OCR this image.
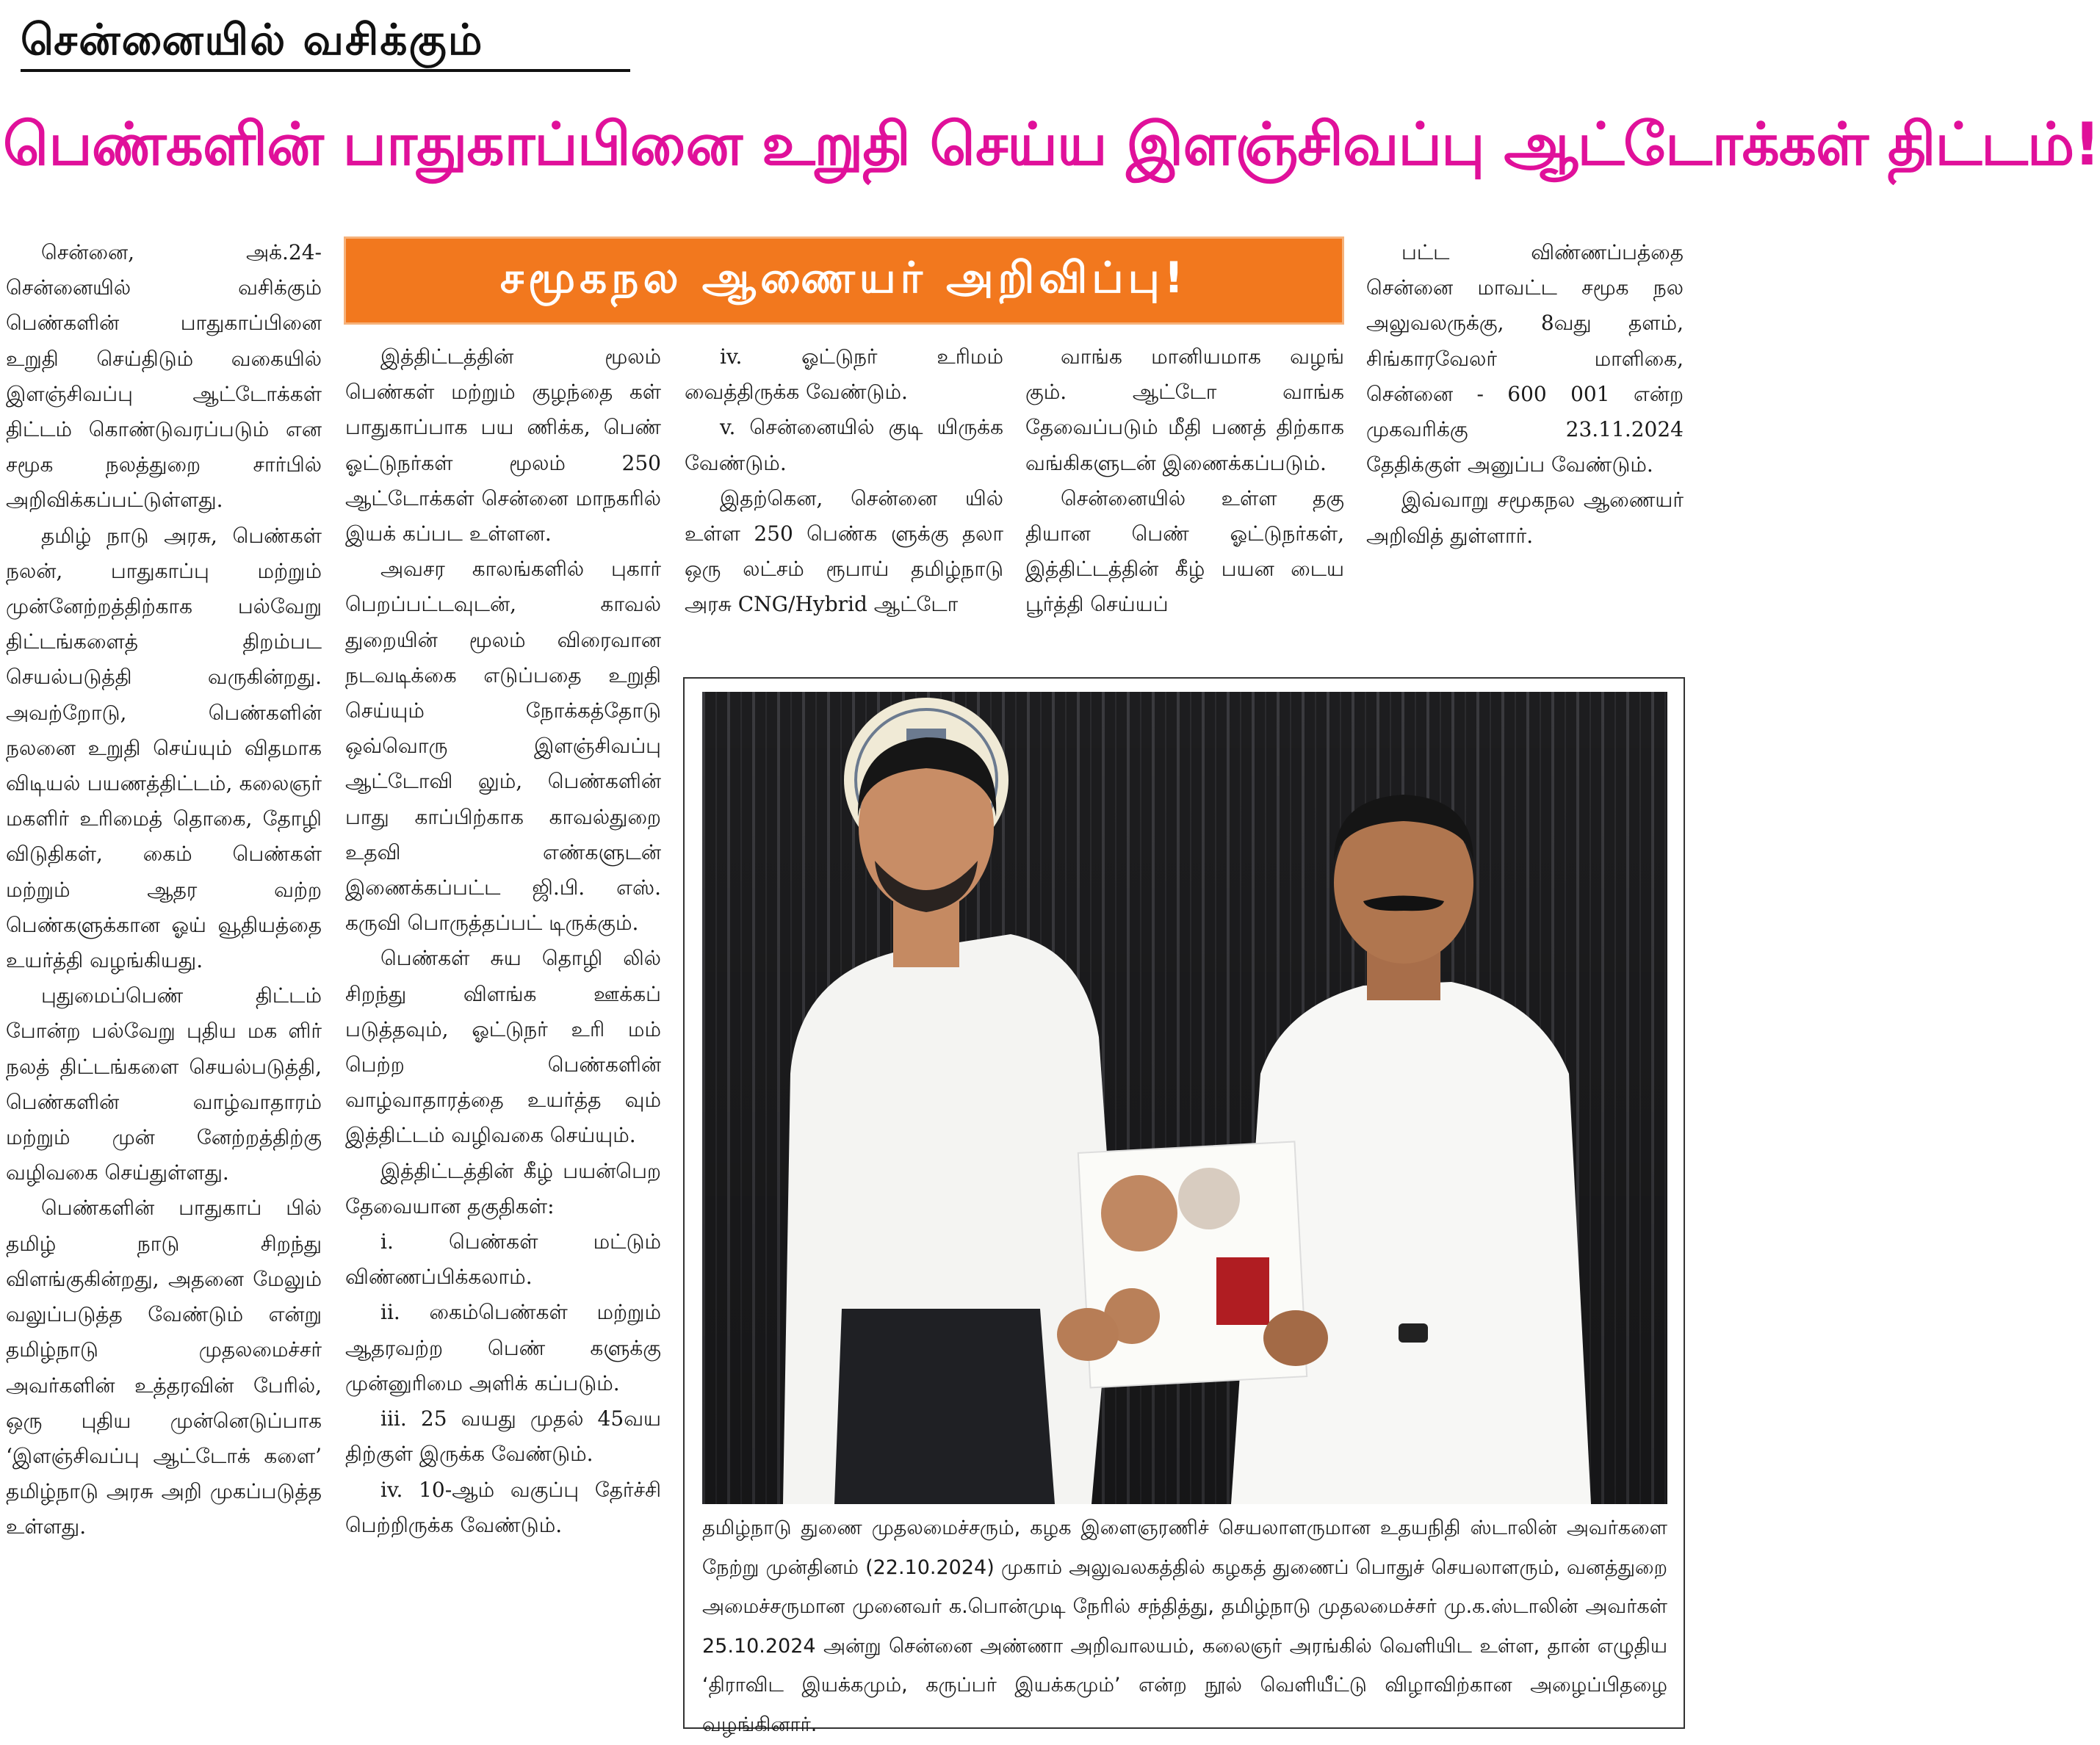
சென்னையில் வசிக்கும்
பெண்களின் பாதுகாப்பினை உறுதி செய்ய இளஞ்சிவப்பு ஆட்டோக்கள் திட்டம்!
சமூகநல ஆணையர் அறிவிப்பு!

சென்னை, அக்.24- சென்னையில் வசிக்கும் பெண்களின் பாதுகாப்பினை உறுதி செய்திடும் வகையில் இளஞ்சிவப்பு ஆட்டோக்கள் திட்டம் கொண்டுவரப்படும் என சமூக நலத்துறை சார்பில் அறிவிக்கப்பட்டுள்ளது.

தமிழ் நாடு அரசு, பெண்கள் நலன், பாதுகாப்பு மற்றும் முன்னேற்றத்திற்காக பல்வேறு திட்டங்களைத் திறம்பட செயல்படுத்தி வருகின்றது. அவற்றோடு, பெண்களின் நலனை உறுதி செய்யும் விதமாக விடியல் பயணத்திட்டம், கலைஞர் மகளிர் உரிமைத் தொகை, தோழி விடுதிகள், கைம் பெண்கள் மற்றும் ஆதர வற்ற பெண்களுக்கான ஓய் வூதியத்தை உயர்த்தி வழங்கியது.

புதுமைப்பெண் திட்டம் போன்ற பல்வேறு புதிய மக ளிர் நலத் திட்டங்களை செயல்படுத்தி, பெண்களின் வாழ்வாதாரம் மற்றும் முன் னேற்றத்திற்கு வழிவகை செய்துள்ளது.

பெண்களின் பாதுகாப் பில் தமிழ் நாடு சிறந்து விளங்குகின்றது, அதனை மேலும் வலுப்படுத்த வேண்டும் என்று தமிழ்நாடு முதலமைச்சர் அவர்களின் உத்தரவின் பேரில், ஒரு புதிய முன்னெடுப்பாக ‘இளஞ்சிவப்பு ஆட்டோக் களை’ தமிழ்நாடு அரசு அறி முகப்படுத்த உள்ளது.

இத்திட்டத்தின் மூலம் பெண்கள் மற்றும் குழந்தை கள் பாதுகாப்பாக பய ணிக்க, பெண் ஓட்டுநர்கள் மூலம் 250 ஆட்டோக்கள் சென்னை மாநகரில் இயக் கப்பட உள்ளன.

அவசர காலங்களில் புகார் பெறப்பட்டவுடன், காவல் துறையின் மூலம் விரைவான நடவடிக்கை எடுப்பதை உறுதி செய்யும் நோக்கத்தோடு ஒவ்வொரு இளஞ்சிவப்பு ஆட்டோவி லும், பெண்களின் பாது காப்பிற்காக காவல்துறை உதவி எண்களுடன் இணைக்கப்பட்ட ஜி.பி. எஸ். கருவி பொருத்தப்பட் டிருக்கும்.

பெண்கள் சுய தொழி லில் சிறந்து விளங்க ஊக்கப் படுத்தவும், ஓட்டுநர் உரி மம் பெற்ற பெண்களின் வாழ்வாதாரத்தை உயர்த்த வும் இத்திட்டம் வழிவகை செய்யும்.

இத்திட்டத்தின் கீழ் பயன்பெற தேவையான தகுதிகள்:

i. பெண்கள் மட்டும் விண்ணப்பிக்கலாம்.

ii. கைம்பெண்கள் மற்றும் ஆதரவற்ற பெண் களுக்கு முன்னுரிமை அளிக் கப்படும்.

iii. 25 வயது முதல் 45வய திற்குள் இருக்க வேண்டும்.

iv. 10-ஆம் வகுப்பு தேர்ச்சி பெற்றிருக்க வேண்டும்.

iv. ஓட்டுநர் உரிமம் வைத்திருக்க வேண்டும்.

v. சென்னையில் குடி யிருக்க வேண்டும்.

இதற்கென, சென்னை யில் உள்ள 250 பெண்க ளுக்கு தலா ஒரு லட்சம் ரூபாய் தமிழ்நாடு அரசு CNG/Hybrid ஆட்டோ

வாங்க மானியமாக வழங் கும். ஆட்டோ வாங்க தேவைப்படும் மீதி பணத் திற்காக வங்கிகளுடன் இணைக்கப்படும்.

சென்னையில் உள்ள தகு தியான பெண் ஓட்டுநர்கள், இத்திட்டத்தின் கீழ் பயன டைய பூர்த்தி செய்யப்

பட்ட விண்ணப்பத்தை சென்னை மாவட்ட சமூக நல அலுவலருக்கு, 8வது தளம், சிங்காரவேலர் மாளிகை, சென்னை - 600 001 என்ற முகவரிக்கு 23.11.2024 தேதிக்குள் அனுப்ப வேண்டும்.

இவ்வாறு சமூகநல ஆணையர் அறிவித் துள்ளார்.

தமிழ்நாடு துணை முதலமைச்சரும், கழக இளைஞரணிச் செயலாளருமான உதயநிதி ஸ்டாலின் அவர்களை நேற்று முன்தினம் (22.10.2024) முகாம் அலுவலகத்தில் கழகத் துணைப் பொதுச் செயலாளரும், வனத்துறை அமைச்சருமான முனைவர் க.பொன்முடி நேரில் சந்தித்து, தமிழ்நாடு முதலமைச்சர் மு.க.ஸ்டாலின் அவர்கள் 25.10.2024 அன்று சென்னை அண்ணா அறிவாலயம், கலைஞர் அரங்கில் வெளியிட உள்ள, தான் எழுதிய ‘திராவிட இயக்கமும், கருப்பர் இயக்கமும்’ என்ற நூல் வெளியீட்டு விழாவிற்கான அழைப்பிதழை வழங்கினார்.
